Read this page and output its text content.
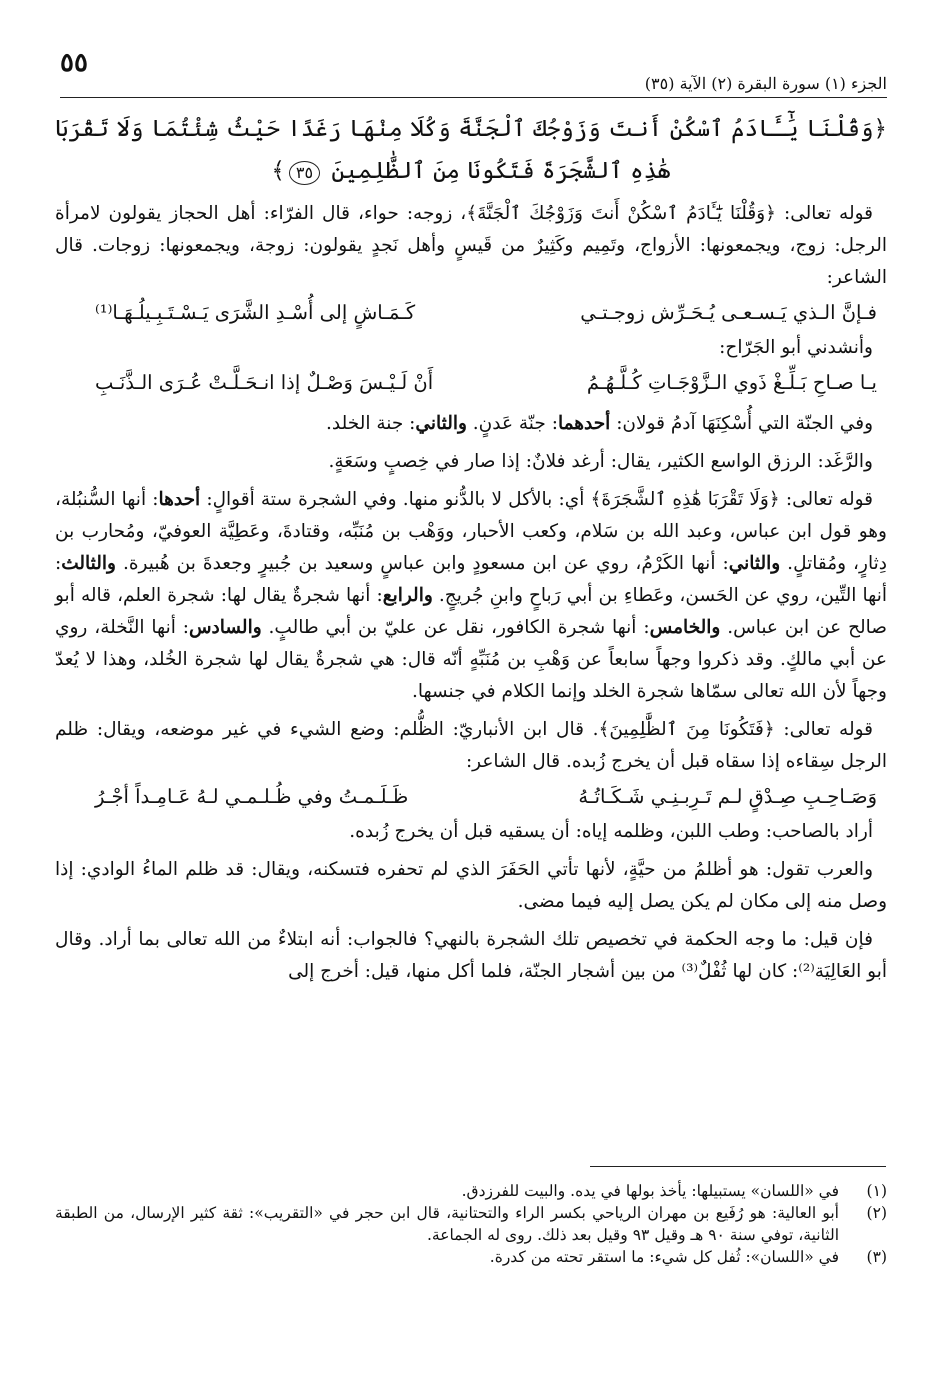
٥٥
الجزء (١) سورة البقرة (٢) الآية (٣٥)

﴿وَقُلْنَا يَٰٓـَٔادَمُ ٱسْكُنْ أَنتَ وَزَوْجُكَ ٱلْجَنَّةَ وَكُلَا مِنْهَا رَغَدًا حَيْثُ شِئْتُمَا وَلَا تَقْرَبَا هَٰذِهِ ٱلشَّجَرَةَ فَتَكُونَا مِنَ ٱلظَّٰلِمِينَ ٣٥﴾

قوله تعالى: ﴿وَقُلْنَا يَٰٓـَٔادَمُ ٱسْكُنْ أَنتَ وَزَوْجُكَ ٱلْجَنَّةَ﴾، زوجه: حواء، قال الفرّاء: أهل الحجاز يقولون لامرأة الرجل: زوج، ويجمعونها: الأزواج، وتَمِيم وكَثِيرٌ من قَيسٍ وأهل نَجدٍ يقولون: زوجة، ويجمعونها: زوجات. قال الشاعر:

فـإنَّ الـذي يَـسـعـى يُـحَـرِّش زوجـتـي
كَـمَـاشٍ إلى أُسْـدِ الشَّرَى يَـسْـتَـبِـيلُـهَـا⁽¹⁾

وأنشدني أبو الجَرّاح:

يـا صـاحِ بَـلِّـغْ ذَوي الـزَّوْجَـاتِ كُـلَّـهُـمُ
أَنْ لَـيْـسَ وَصْـلٌ إذا انـحَـلَّـتْ عُـرَى الـذَّنَـبِ

وفي الجنّة التي أُسْكِنَهَا آدمُ قولان: أحدهما: جنّة عَدنٍ. والثاني: جنة الخلد.

والرَّغَد: الرزق الواسع الكثير، يقال: أرغد فلانٌ: إذا صار في خِصبٍ وسَعَةٍ.

قوله تعالى: ﴿وَلَا تَقْرَبَا هَٰذِهِ ٱلشَّجَرَةَ﴾ أي: بالأكل لا بالدُّنو منها. وفي الشجرة ستة أقوالٍ: أحدها: أنها السُّنبُلة، وهو قول ابن عباس، وعبد الله بن سَلام، وكعب الأحبار، ووَهْب بن مُنَبِّه، وقتادةَ، وعَطِيَّة العوفيّ، ومُحارب بن دِثارٍ، ومُقاتلٍ. والثاني: أنها الكَرْمُ، روي عن ابن مسعودٍ وابن عباسٍ وسعيد بن جُبيرٍ وجعدةَ بن هُبيرة. والثالث: أنها التِّين، روي عن الحَسن، وعَطاءِ بن أبي رَباحٍ وابنِ جُريجٍ. والرابع: أنها شجرةٌ يقال لها: شجرة العلم، قاله أبو صالح عن ابن عباس. والخامس: أنها شجرة الكافور، نقل عن عليّ بن أبي طالبٍ. والسادس: أنها النَّخلة، روي عن أبي مالكٍ. وقد ذكروا وجهاً سابعاً عن وَهْبِ بن مُنَبِّهٍ أنّه قال: هي شجرةٌ يقال لها شجرة الخُلد، وهذا لا يُعدّ وجهاً لأن الله تعالى سمّاها شجرة الخلد وإنما الكلام في جنسها.

قوله تعالى: ﴿فَتَكُونَا مِنَ ٱلظَّٰلِمِينَ﴾. قال ابن الأنباريّ: الظُّلم: وضع الشيء في غير موضعه، ويقال: ظلم الرجل سِقاءه إذا سقاه قبل أن يخرج زُبده. قال الشاعر:

وَصَـاحِـبِ صِـدْقٍ لـم تَـرِبـنِـي شَـكَـاتُـهُ
ظَـلَـمـتُ وفي ظُـلـمـي لـهُ عَـامِـداً أجْـرُ

أراد بالصاحب: وطب اللبن، وظلمه إياه: أن يسقيه قبل أن يخرج زُبده.

والعرب تقول: هو أظلمُ من حيَّةٍ، لأنها تأتي الحَفَرَ الذي لم تحفره فتسكنه، ويقال: قد ظلم الماءُ الوادي: إذا وصل منه إلى مكان لم يكن يصل إليه فيما مضى.

فإن قيل: ما وجه الحكمة في تخصيص تلك الشجرة بالنهي؟ فالجواب: أنه ابتلاءٌ من الله تعالى بما أراد. وقال أبو العَالِيَة⁽²⁾: كان لها ثُفْلٌ⁽³⁾ من بين أشجار الجنّة، فلما أكل منها، قيل: أخرج إلى

(١)
في «اللسان» يستبيلها: يأخذ بولها في يده. والبيت للفرزدق.
(٢)
أبو العالية: هو رُفَيع بن مهران الرياحي بكسر الراء والتحتانية، قال ابن حجر في «التقريب»: ثقة كثير الإرسال، من الطبقة الثانية، توفي سنة ٩٠ هـ وقيل ٩٣ وقيل بعد ذلك. روى له الجماعة.
(٣)
في «اللسان»: ثُفل كل شيء: ما استقر تحته من كدرة.
